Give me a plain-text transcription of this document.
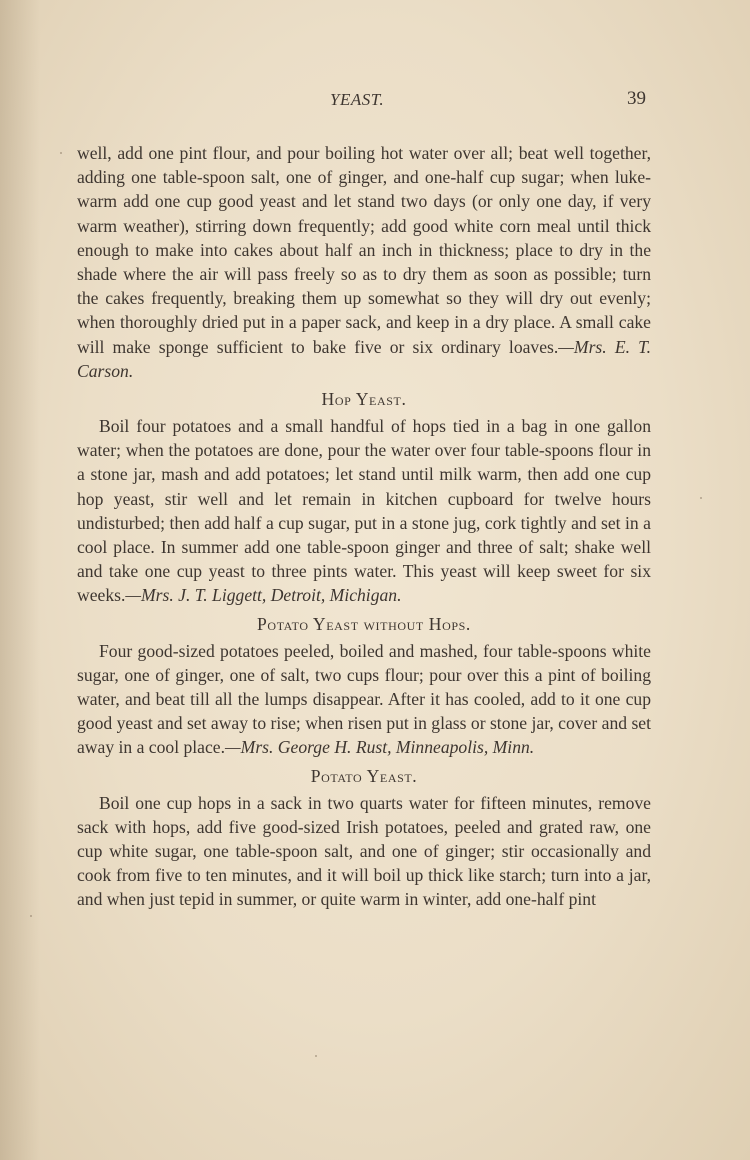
YEAST.	39

well, add one pint flour, and pour boiling hot water over all; beat well together, adding one table-spoon salt, one of ginger, and one-half cup sugar; when luke-warm add one cup good yeast and let stand two days (or only one day, if very warm weather), stirring down frequently; add good white corn meal until thick enough to make into cakes about half an inch in thickness; place to dry in the shade where the air will pass freely so as to dry them as soon as possible; turn the cakes frequently, breaking them up somewhat so they will dry out evenly; when thoroughly dried put in a paper sack, and keep in a dry place. A small cake will make sponge sufficient to bake five or six ordinary loaves.—Mrs. E. T. Carson.

Hop Yeast.

Boil four potatoes and a small handful of hops tied in a bag in one gallon water; when the potatoes are done, pour the water over four table-spoons flour in a stone jar, mash and add potatoes; let stand until milk warm, then add one cup hop yeast, stir well and let remain in kitchen cupboard for twelve hours undisturbed; then add half a cup sugar, put in a stone jug, cork tightly and set in a cool place. In summer add one table-spoon ginger and three of salt; shake well and take one cup yeast to three pints water. This yeast will keep sweet for six weeks.—Mrs. J. T. Liggett, Detroit, Michigan.

Potato Yeast without Hops.

Four good-sized potatoes peeled, boiled and mashed, four table-spoons white sugar, one of ginger, one of salt, two cups flour; pour over this a pint of boiling water, and beat till all the lumps disappear. After it has cooled, add to it one cup good yeast and set away to rise; when risen put in glass or stone jar, cover and set away in a cool place.—Mrs. George H. Rust, Minneapolis, Minn.

Potato Yeast.

Boil one cup hops in a sack in two quarts water for fifteen minutes, remove sack with hops, add five good-sized Irish potatoes, peeled and grated raw, one cup white sugar, one table-spoon salt, and one of ginger; stir occasionally and cook from five to ten minutes, and it will boil up thick like starch; turn into a jar, and when just tepid in summer, or quite warm in winter, add one-half pint
